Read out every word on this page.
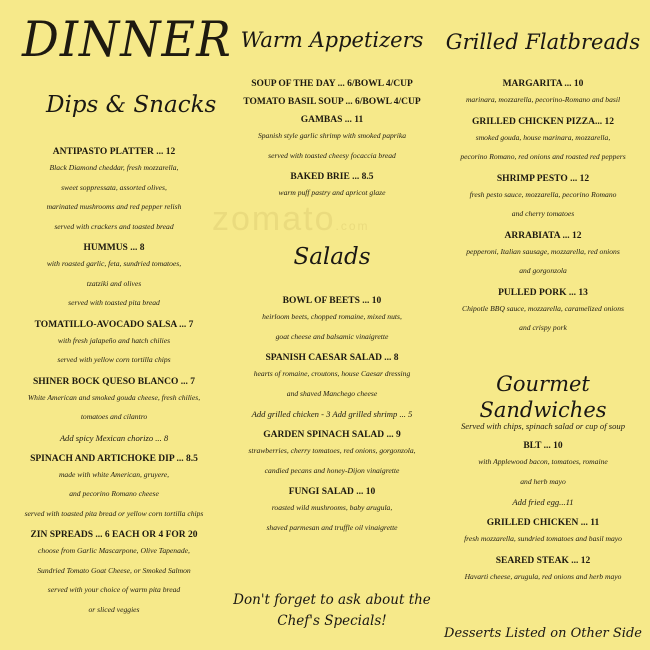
zomato.com
DINNER
Dips & Snacks
ANTIPASTO PLATTER ... 12
Black Diamond cheddar, fresh mozzarella,
sweet soppressata, assorted olives,
marinated mushrooms and red pepper relish
served with crackers and toasted bread
HUMMUS ... 8
with roasted garlic, feta, sundried tomatoes,
tzatziki and olives
served with toasted pita bread
TOMATILLO-AVOCADO SALSA ... 7
with fresh jalapeño and hatch chilies
served with yellow corn tortilla chips
SHINER BOCK QUESO BLANCO ... 7
White American and smoked gouda cheese, fresh chilies,
tomatoes and cilantro
Add spicy Mexican chorizo ... 8
SPINACH AND ARTICHOKE DIP ... 8.5
made with white American, gruyere,
and pecorino Romano cheese
served with toasted pita bread or yellow corn tortilla chips
ZIN SPREADS ... 6 EACH OR 4 FOR 20
choose from Garlic Mascarpone, Olive Tapenade,
Sundried Tomato Goat Cheese, or Smoked Salmon
served with your choice of warm pita bread
or sliced veggies
Warm Appetizers
SOUP OF THE DAY ... 6/BOWL 4/CUP
TOMATO BASIL SOUP ... 6/BOWL 4/CUP
GAMBAS ... 11
Spanish style garlic shrimp with smoked paprika
served with toasted cheesy focaccia bread
BAKED BRIE ... 8.5
warm puff pastry and apricot glaze
Salads
BOWL OF BEETS ... 10
heirloom beets, chopped romaine, mixed nuts,
goat cheese and balsamic vinaigrette
SPANISH CAESAR SALAD ... 8
hearts of romaine, croutons, house Caesar dressing
and shaved Manchego cheese
Add grilled chicken - 3 Add grilled shrimp ... 5
GARDEN SPINACH SALAD ... 9
strawberries, cherry tomatoes, red onions, gorgonzola,
candied pecans and honey-Dijon vinaigrette
FUNGI SALAD ... 10
roasted wild mushrooms, baby arugula,
shaved parmesan and truffle oil vinaigrette
Don't forget to ask about the
Chef's Specials!
Grilled Flatbreads
MARGARITA ... 10
marinara, mozzarella, pecorino-Romano and basil
GRILLED CHICKEN PIZZA... 12
smoked gouda, house marinara, mozzarella,
pecorino Romano, red onions and roasted red peppers
SHRIMP PESTO ... 12
fresh pesto sauce, mozzarella, pecorino Romano
and cherry tomatoes
ARRABIATA ... 12
pepperoni, Italian sausage, mozzarella, red onions
and gorgonzola
PULLED PORK ... 13
Chipotle BBQ sauce, mozzarella, caramelized onions
and crispy pork
Gourmet Sandwiches
Served with chips, spinach salad or cup of soup
BLT ... 10
with Applewood bacon, tomatoes, romaine
and herb mayo
Add fried egg...11
GRILLED CHICKEN ... 11
fresh mozzarella, sundried tomatoes and basil mayo
SEARED STEAK ... 12
Havarti cheese, arugula, red onions and herb mayo
Desserts Listed on Other Side
